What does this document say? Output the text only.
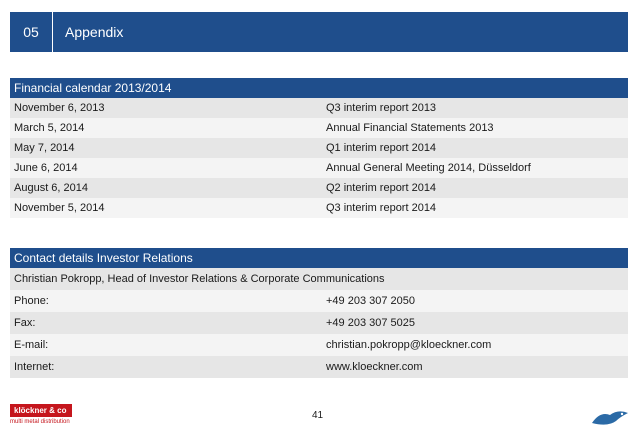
05	Appendix
Financial calendar 2013/2014
November 6, 2013	Q3 interim report 2013
March 5, 2014	Annual Financial Statements 2013
May 7, 2014	Q1 interim report 2014
June 6, 2014	Annual General Meeting 2014, Düsseldorf
August 6, 2014	Q2 interim report 2014
November 5, 2014	Q3 interim report 2014
Contact details Investor Relations
Christian Pokropp, Head of Investor Relations & Corporate Communications
Phone:	+49 203 307 2050
Fax:	+49 203 307 5025
E-mail:	christian.pokropp@kloeckner.com
Internet:	www.kloeckner.com
klöckner & co
multi metal distribution
41
